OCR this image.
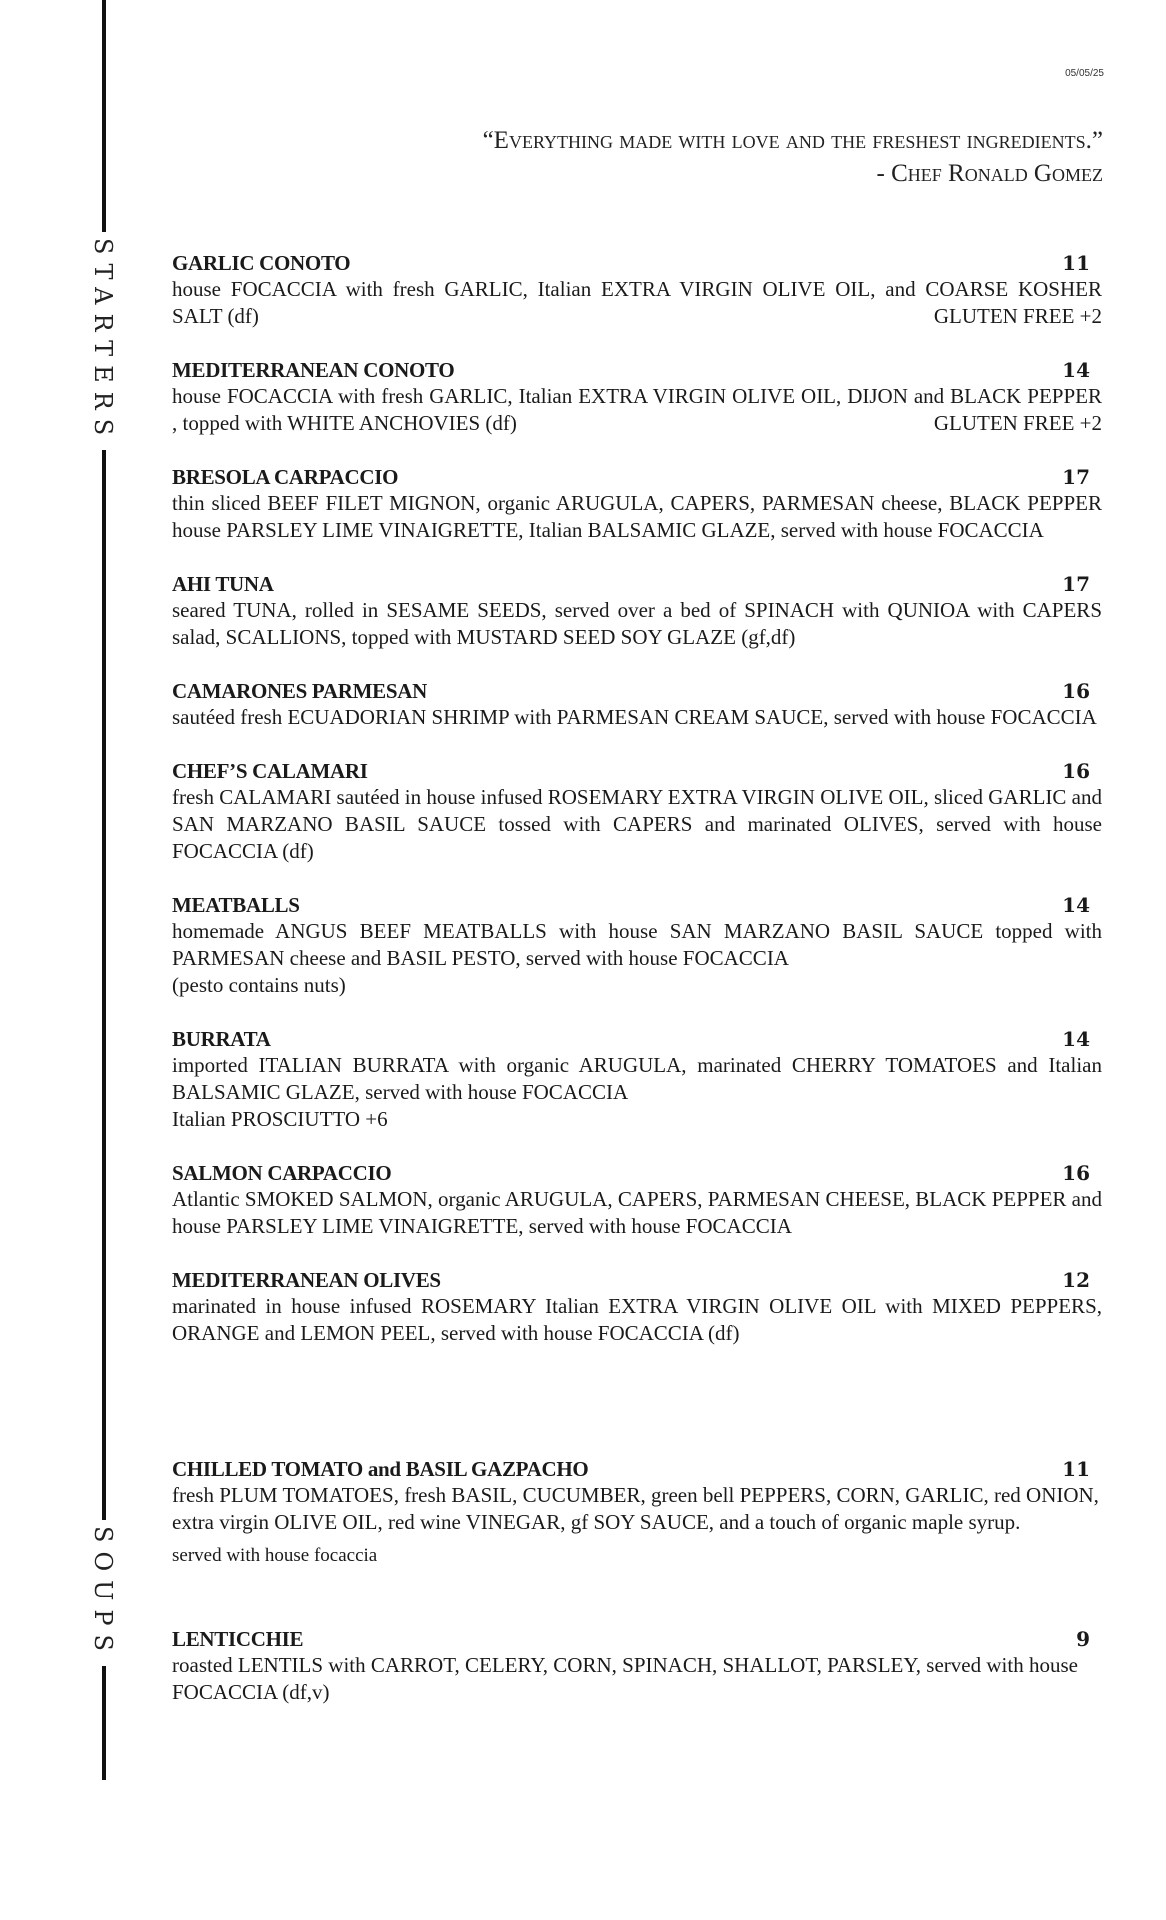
STARTERS
SOUPS
05/05/25
“Everything made with love and the freshest ingredients.”
- Chef Ronald Gomez
GARLIC CONOTO	11

house FOCACCIA with fresh GARLIC, Italian EXTRA VIRGIN OLIVE OIL, and COARSE KOSHER SALT (df)	GLUTEN FREE +2
MEDITERRANEAN CONOTO	14

house FOCACCIA with fresh GARLIC, Italian EXTRA VIRGIN OLIVE OIL, DIJON and BLACK PEPPER , topped with WHITE ANCHOVIES (df)	GLUTEN FREE +2
BRESOLA CARPACCIO	17

thin sliced BEEF FILET MIGNON, organic ARUGULA, CAPERS, PARMESAN cheese, BLACK PEPPER house PARSLEY LIME VINAIGRETTE, Italian BALSAMIC GLAZE, served with house FOCACCIA

AHI TUNA	17

seared TUNA, rolled in SESAME SEEDS, served over a bed of SPINACH with QUNIOA with CAPERS salad, SCALLIONS, topped with MUSTARD SEED SOY GLAZE (gf,df)

CAMARONES PARMESAN	16

sautéed fresh ECUADORIAN SHRIMP with PARMESAN CREAM SAUCE, served with house FOCACCIA

CHEF’S CALAMARI	16

fresh CALAMARI sautéed in house infused ROSEMARY EXTRA VIRGIN OLIVE OIL, sliced GARLIC and SAN MARZANO BASIL SAUCE tossed with CAPERS and marinated OLIVES, served with house FOCACCIA (df)

MEATBALLS	14

homemade ANGUS BEEF MEATBALLS with house SAN MARZANO BASIL SAUCE topped with PARMESAN cheese and BASIL PESTO, served with house FOCACCIA

(pesto contains nuts)
BURRATA	14

imported ITALIAN BURRATA with organic ARUGULA, marinated CHERRY TOMATOES and Italian BALSAMIC GLAZE, served with house FOCACCIA

Italian PROSCIUTTO +6
SALMON CARPACCIO	16

Atlantic SMOKED SALMON, organic ARUGULA, CAPERS, PARMESAN CHEESE, BLACK PEPPER and house PARSLEY LIME VINAIGRETTE, served with house FOCACCIA

MEDITERRANEAN OLIVES	12

marinated in house infused ROSEMARY Italian EXTRA VIRGIN OLIVE OIL with MIXED PEPPERS, ORANGE and LEMON PEEL, served with house FOCACCIA (df)

CHILLED TOMATO and BASIL GAZPACHO	11

fresh PLUM TOMATOES, fresh BASIL, CUCUMBER, green bell PEPPERS, CORN, GARLIC, red ONION, extra virgin OLIVE OIL, red wine VINEGAR, gf SOY SAUCE, and a touch of organic maple syrup.

served with house focaccia
LENTICCHIE	9

roasted LENTILS with CARROT, CELERY, CORN, SPINACH, SHALLOT, PARSLEY, served with house FOCACCIA (df,v)
